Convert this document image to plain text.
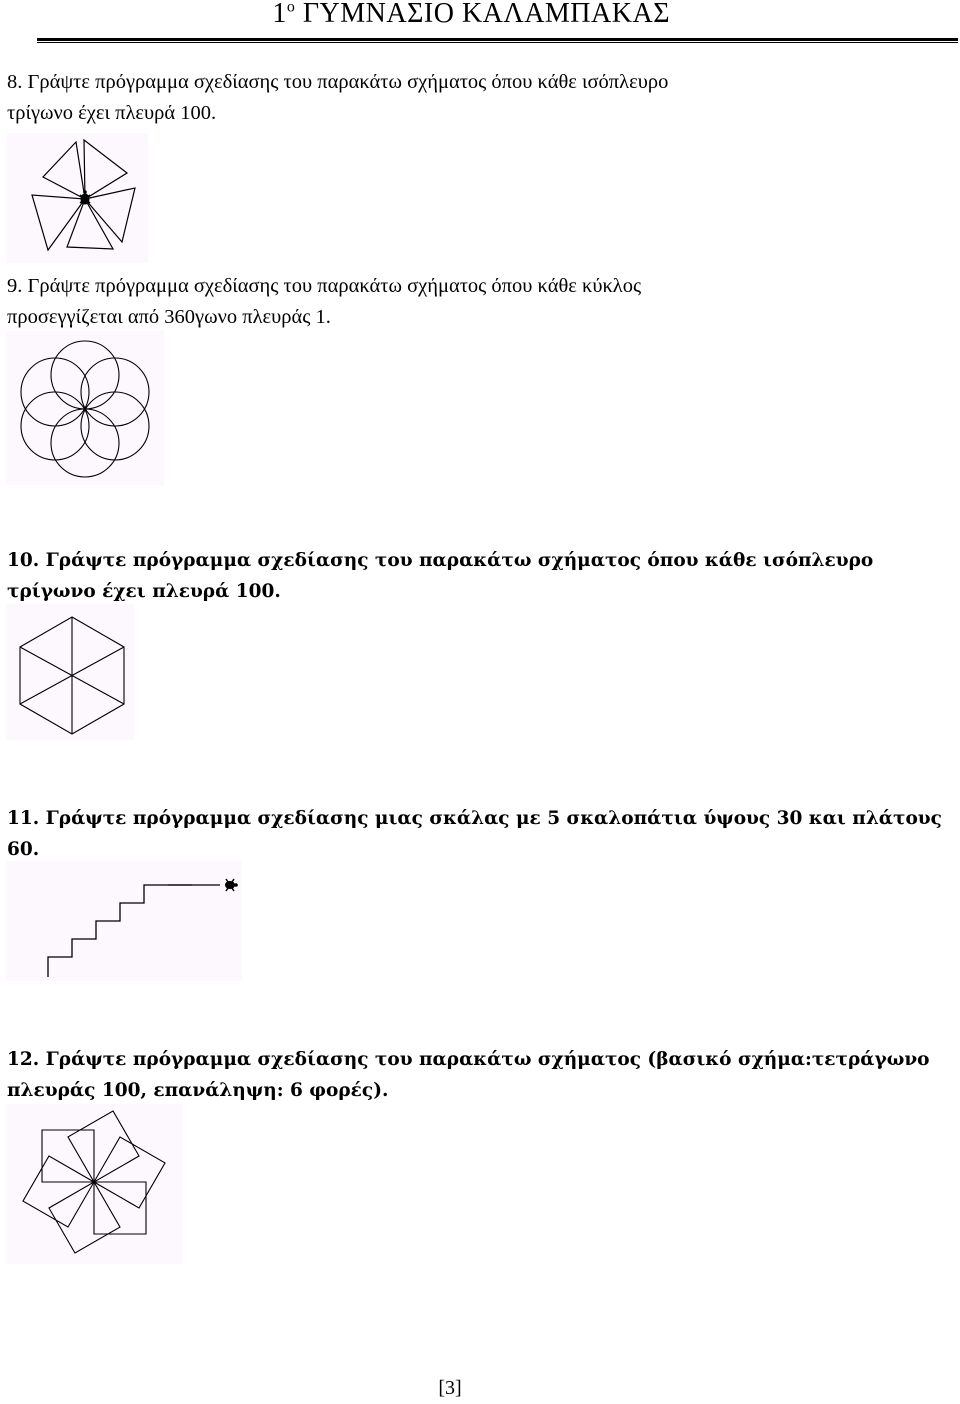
$1^o$ ΓΥΜΝΑΣΙΟ ΚΑΛΑΜΠΑΚΑΣ
8. Γράψτε πρόγραμμα σχεδίασης του παρακάτω σχήματος όπου κάθε ισόπλευρο
τρίγωνο έχει πλευρά 100.
9. Γράψτε πρόγραμμα σχεδίασης του παρακάτω σχήματος όπου κάθε κύκλος
προσεγγίζεται από 360γωνο πλευράς 1.
10. Γράψτε πρόγραμμα σχεδίασης του παρακάτω σχήματος όπου κάθε ισόπλευρο
τρίγωνο έχει πλευρά 100.
11. Γράψτε πρόγραμμα σχεδίασης μιας σκάλας με 5 σκαλοπάτια ύψους 30 και πλάτους
60.
12. Γράψτε πρόγραμμα σχεδίασης του παρακάτω σχήματος (βασικό σχήμα:τετράγωνο
πλευράς 100, επανάληψη: 6 φορές).
[3]
